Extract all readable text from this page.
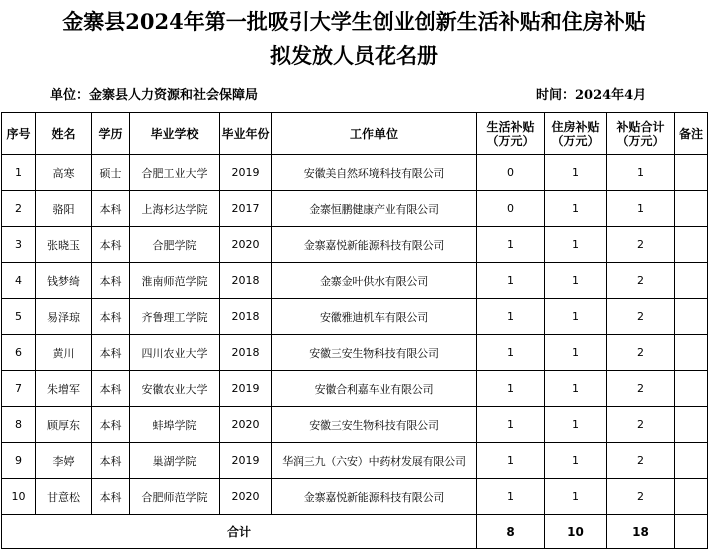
金寨县2024年第一批吸引大学生创业创新生活补贴和住房补贴
拟发放人员花名册
单位：金寨县人力资源和社会保障局	时间：2024年4月
序号	姓名	学历	毕业学校	毕业年份	工作单位	生活补贴（万元）	住房补贴（万元）	补贴合计（万元）	备注
1	高寒	硕士	合肥工业大学	2019	安徽美自然环境科技有限公司	0	1	1	
2	骆阳	本科	上海杉达学院	2017	金寨恒鹏健康产业有限公司	0	1	1	
3	张晓玉	本科	合肥学院	2020	金寨嘉悦新能源科技有限公司	1	1	2	
4	钱梦绮	本科	淮南师范学院	2018	金寨金叶供水有限公司	1	1	2	
5	易泽琼	本科	齐鲁理工学院	2018	安徽雅迪机车有限公司	1	1	2	
6	黄川	本科	四川农业大学	2018	安徽三安生物科技有限公司	1	1	2	
7	朱增军	本科	安徽农业大学	2019	安徽合利嘉车业有限公司	1	1	2	
8	顾厚东	本科	蚌埠学院	2020	安徽三安生物科技有限公司	1	1	2	
9	李婷	本科	巢湖学院	2019	华润三九（六安）中药材发展有限公司	1	1	2	
10	甘意松	本科	合肥师范学院	2020	金寨嘉悦新能源科技有限公司	1	1	2	
合计						8	10	18	
